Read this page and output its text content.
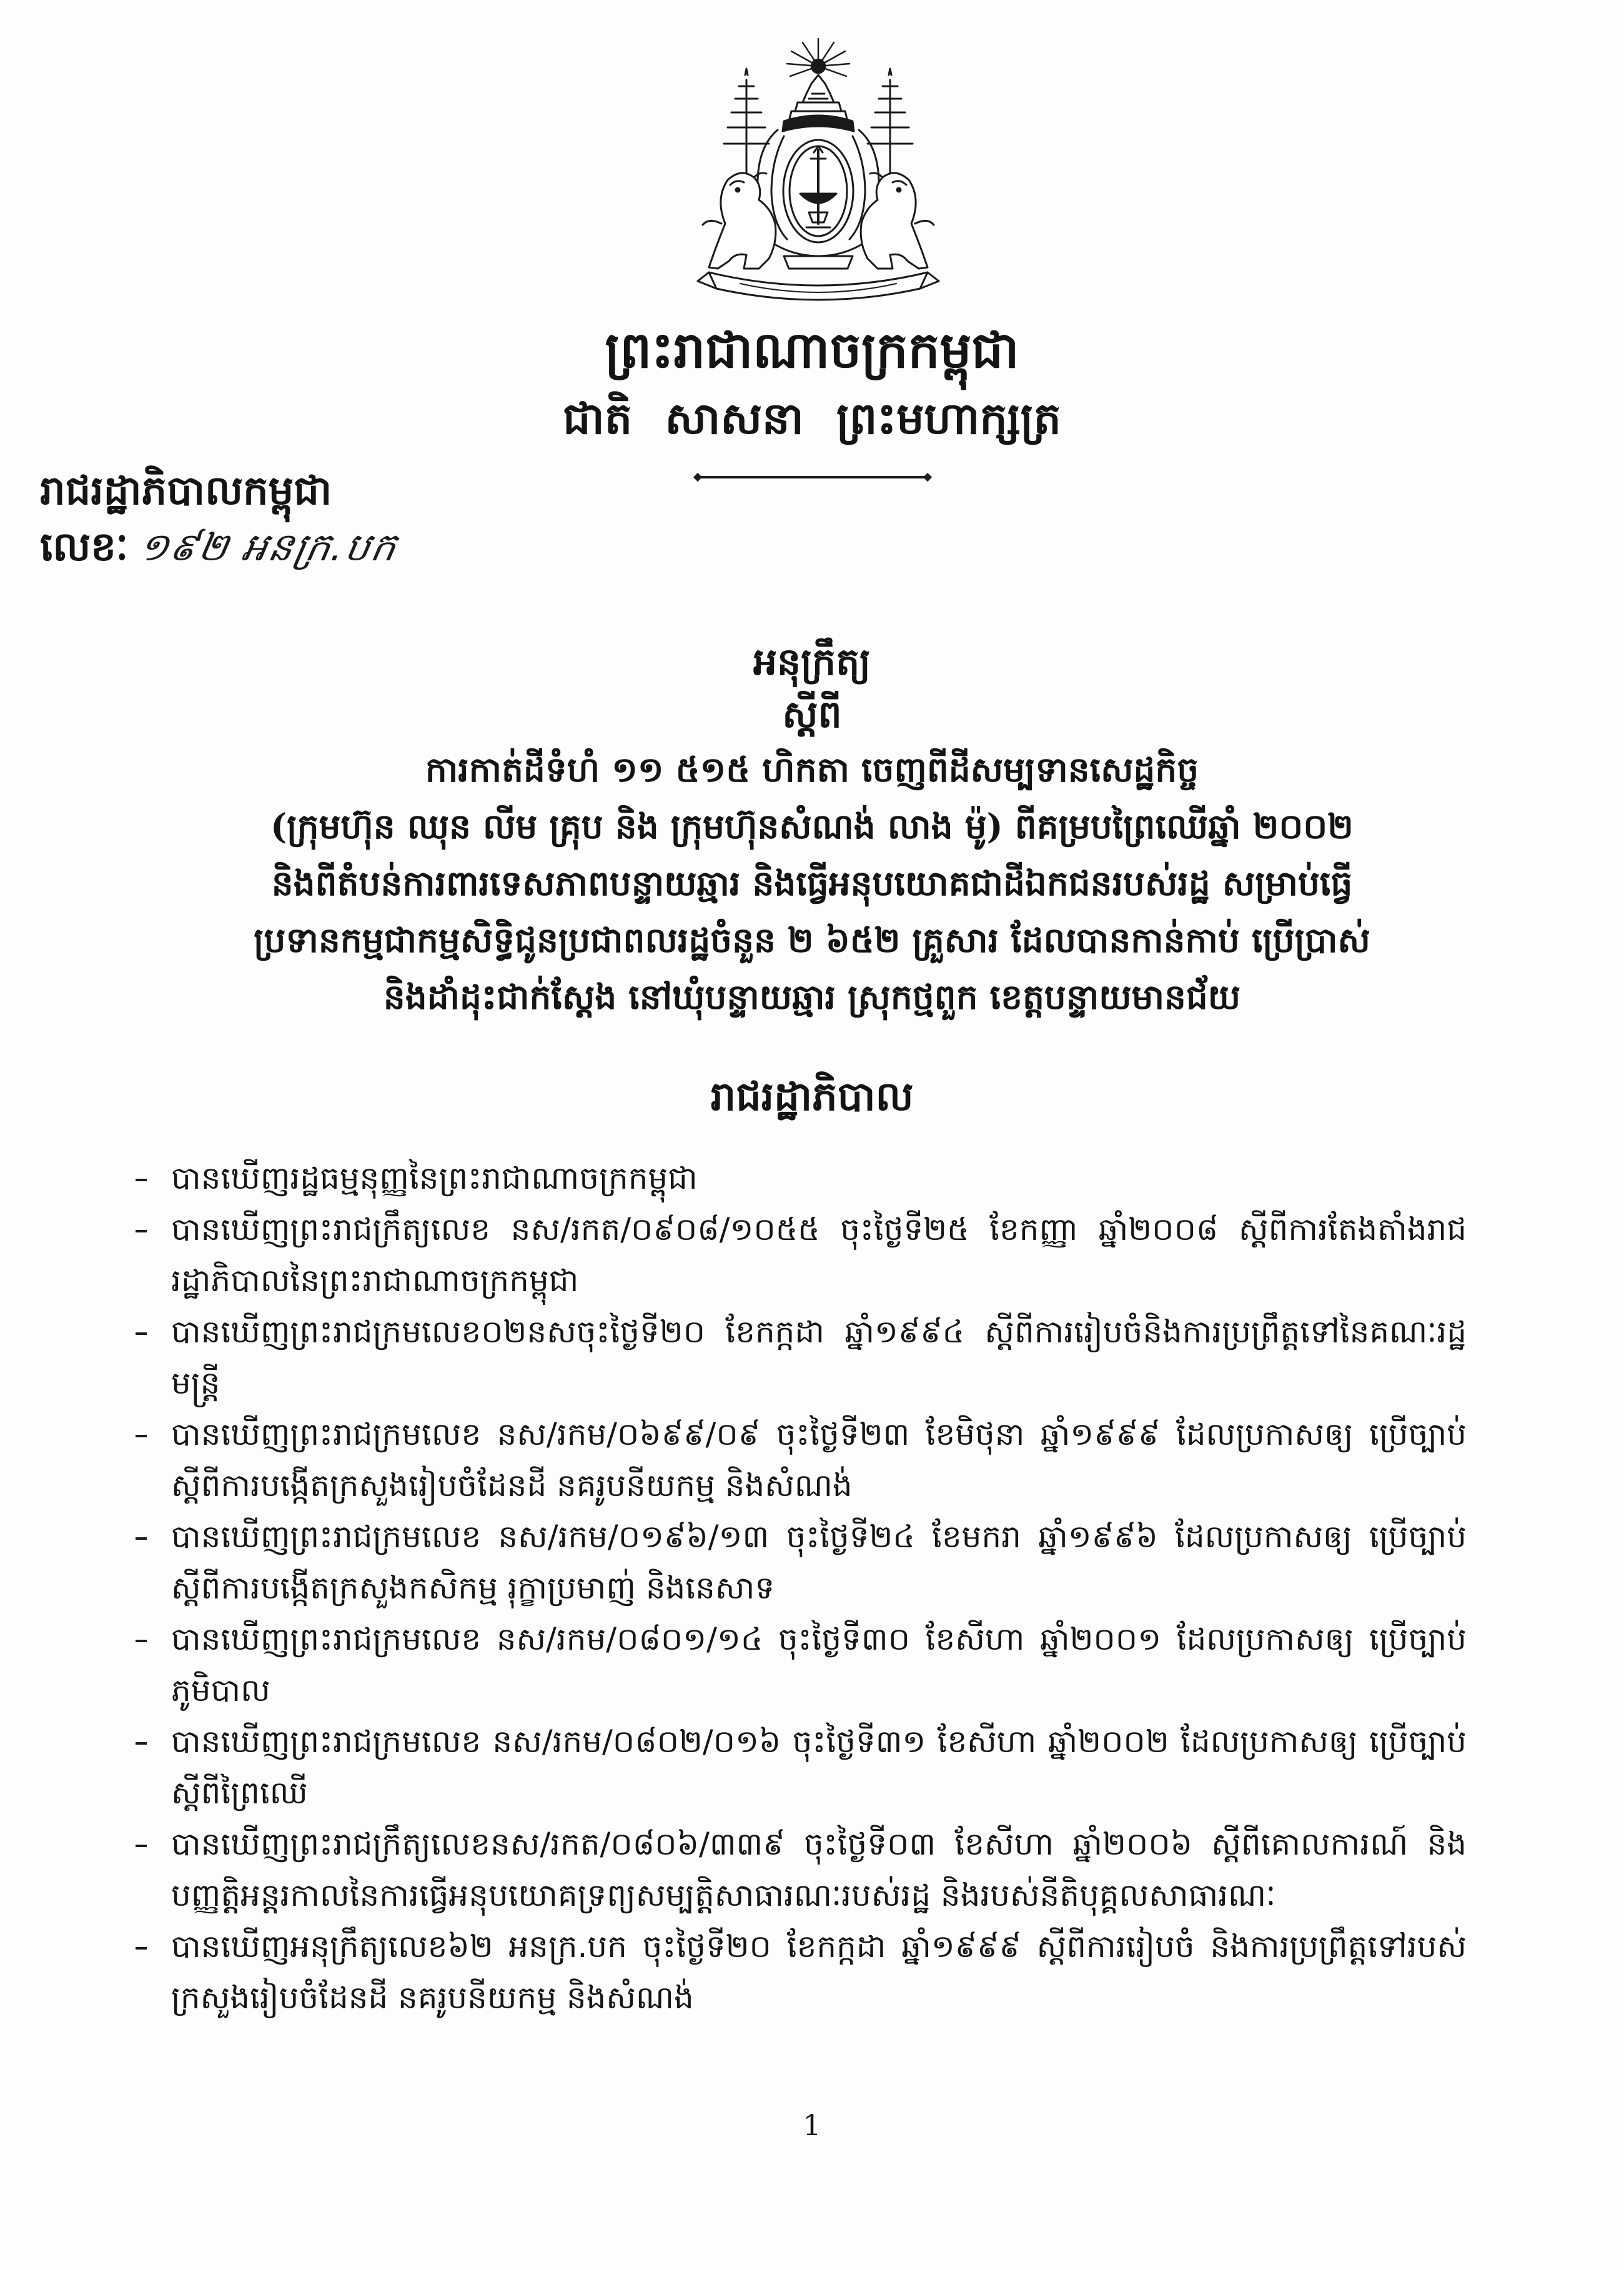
ព្រះរាជាណាចក្រកម្ពុជា
ជាតិ សាសនា ព្រះមហាក្សត្រ
រាជរដ្ឋាភិបាលកម្ពុជា
លេខៈ ១៩២ អនក្រ.បក
អនុក្រឹត្យ
ស្តីពី
ការកាត់ដីទំហំ ១១ ៥១៥ ហិកតា ចេញពីដីសម្បទានសេដ្ឋកិច្ច
(ក្រុមហ៊ុន ឈុន លីម គ្រុប និង ក្រុមហ៊ុនសំណង់ លាង ម៉ូ) ពីគម្របព្រៃឈើឆ្នាំ ២០០២
និងពីតំបន់ការពារទេសភាពបន្ទាយឆ្មារ និងធ្វើអនុបយោគជាដីឯកជនរបស់រដ្ឋ សម្រាប់ធ្វើ
ប្រទានកម្មជាកម្មសិទ្ធិជូនប្រជាពលរដ្ឋចំនួន ២ ៦៥២ គ្រួសារ ដែលបានកាន់កាប់ ប្រើប្រាស់
និងដាំដុះជាក់ស្តែង នៅឃុំបន្ទាយឆ្មារ ស្រុកថ្មពួក ខេត្តបន្ទាយមានជ័យ
រាជរដ្ឋាភិបាល
បានឃើញរដ្ឋធម្មនុញ្ញនៃព្រះរាជាណាចក្រកម្ពុជា
បានឃើញព្រះរាជក្រឹត្យលេខ នស/រកត/០៩០៨/១០៥៥ ចុះថ្ងៃទី២៥ ខែកញ្ញា ឆ្នាំ២០០៨ ស្តីពីការតែងតាំងរាជរដ្ឋាភិបាលនៃព្រះរាជាណាចក្រកម្ពុជា
បានឃើញព្រះរាជក្រមលេខ០២នសចុះថ្ងៃទី២០ ខែកក្កដា ឆ្នាំ១៩៩៤ ស្តីពីការរៀបចំនិងការប្រព្រឹត្តទៅនៃគណៈរដ្ឋមន្ត្រី
បានឃើញព្រះរាជក្រមលេខ នស/រកម/០៦៩៩/០៩ ចុះថ្ងៃទី២៣ ខែមិថុនា ឆ្នាំ១៩៩៩ ដែលប្រកាសឲ្យ ប្រើច្បាប់ស្តីពីការបង្កើតក្រសួងរៀបចំដែនដី នគរូបនីយកម្ម និងសំណង់
បានឃើញព្រះរាជក្រមលេខ នស/រកម/០១៩៦/១៣ ចុះថ្ងៃទី២៤ ខែមករា ឆ្នាំ១៩៩៦ ដែលប្រកាសឲ្យ ប្រើច្បាប់ស្តីពីការបង្កើតក្រសួងកសិកម្ម រុក្ខាប្រមាញ់ និងនេសាទ
បានឃើញព្រះរាជក្រមលេខ នស/រកម/០៨០១/១៤ ចុះថ្ងៃទី៣០ ខែសីហា ឆ្នាំ២០០១ ដែលប្រកាសឲ្យ ប្រើច្បាប់ភូមិបាល
បានឃើញព្រះរាជក្រមលេខ នស/រកម/០៨០២/០១៦ ចុះថ្ងៃទី៣១ ខែសីហា ឆ្នាំ២០០២ ដែលប្រកាសឲ្យ ប្រើច្បាប់ស្តីពីព្រៃឈើ
បានឃើញព្រះរាជក្រឹត្យលេខនស/រកត/០៨០៦/៣៣៩ ចុះថ្ងៃទី០៣ ខែសីហា ឆ្នាំ២០០៦ ស្តីពីគោលការណ៍ និងបញ្ញត្តិអន្តរកាលនៃការធ្វើអនុបយោគទ្រព្យសម្បត្តិសាធារណៈរបស់រដ្ឋ និងរបស់នីតិបុគ្គលសាធារណៈ
បានឃើញអនុក្រឹត្យលេខ៦២ អនក្រ.បក ចុះថ្ងៃទី២០ ខែកក្កដា ឆ្នាំ១៩៩៩ ស្តីពីការរៀបចំ និងការប្រព្រឹត្តទៅរបស់ក្រសួងរៀបចំដែនដី នគរូបនីយកម្ម និងសំណង់
1
